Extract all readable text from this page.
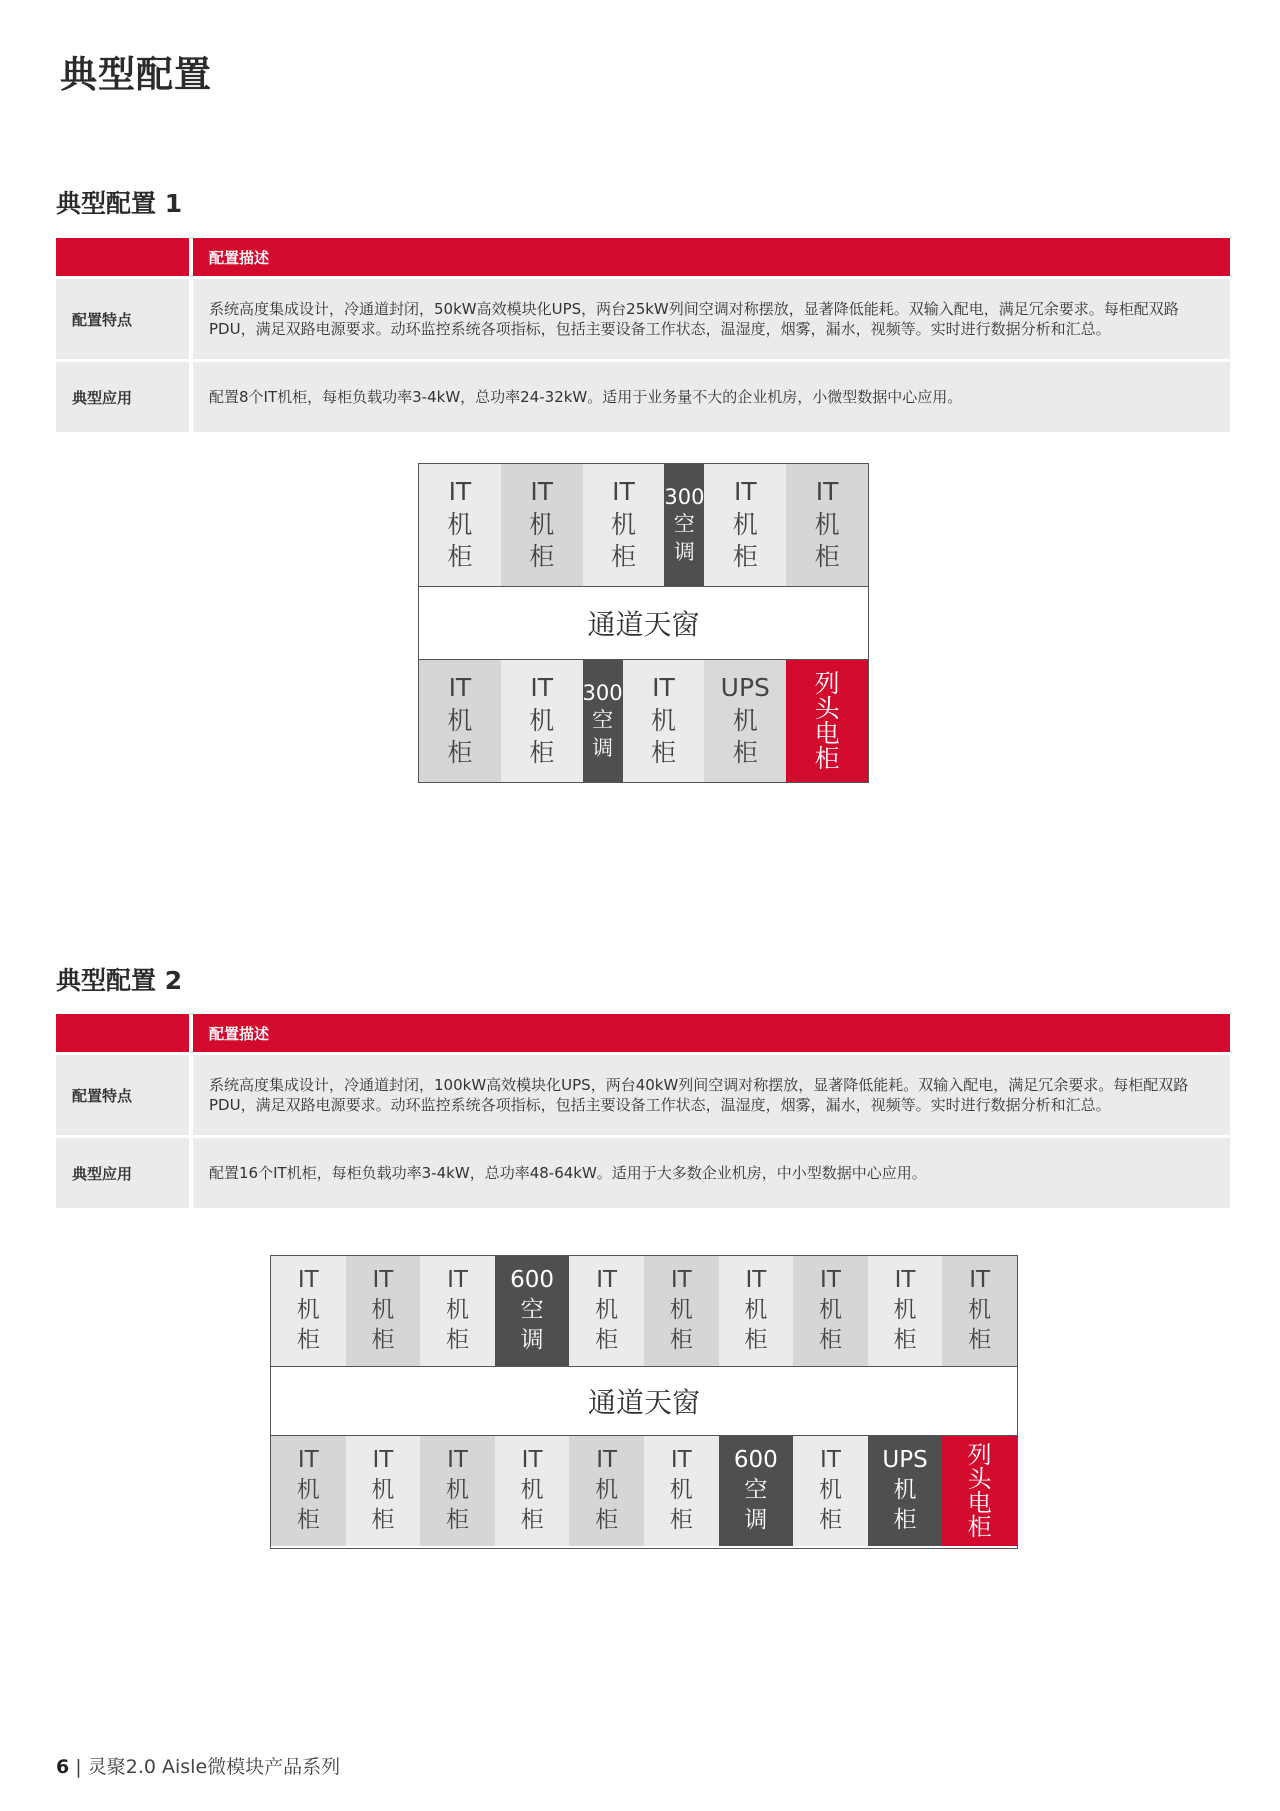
典型配置
典型配置 1
		配置描述

配置特点		系统高度集成设计，冷通道封闭，50kW高效模块化UPS，两台25kW列间空调对称摆放，显著降低能耗。双输入配电，满足冗余要求。每柜配双路PDU，满足双路电源要求。动环监控系统各项指标，包括主要设备工作状态，温湿度，烟雾，漏水，视频等。实时进行数据分析和汇总。

典型应用		配置8个IT机柜，每柜负载功率3-4kW，总功率24-32kW。适用于业务量不大的企业机房，小微型数据中心应用。
IT
机
柜
IT
机
柜
IT
机
柜
300
空
调
IT
机
柜
IT
机
柜
通道天窗
IT
机
柜
IT
机
柜
300
空
调
IT
机
柜
UPS
机
柜
列
头
电
柜
典型配置 2
		配置描述

配置特点		系统高度集成设计，冷通道封闭，100kW高效模块化UPS，两台40kW列间空调对称摆放，显著降低能耗。双输入配电，满足冗余要求。每柜配双路PDU，满足双路电源要求。动环监控系统各项指标，包括主要设备工作状态，温湿度，烟雾，漏水，视频等。实时进行数据分析和汇总。

典型应用		配置16个IT机柜，每柜负载功率3-4kW，总功率48-64kW。适用于大多数企业机房，中小型数据中心应用。
IT
机
柜
IT
机
柜
IT
机
柜
600
空
调
IT
机
柜
IT
机
柜
IT
机
柜
IT
机
柜
IT
机
柜
IT
机
柜
通道天窗
IT
机
柜
IT
机
柜
IT
机
柜
IT
机
柜
IT
机
柜
IT
机
柜
600
空
调
IT
机
柜
UPS
机
柜
列
头
电
柜
6 | 灵聚2.0 Aisle微模块产品系列
